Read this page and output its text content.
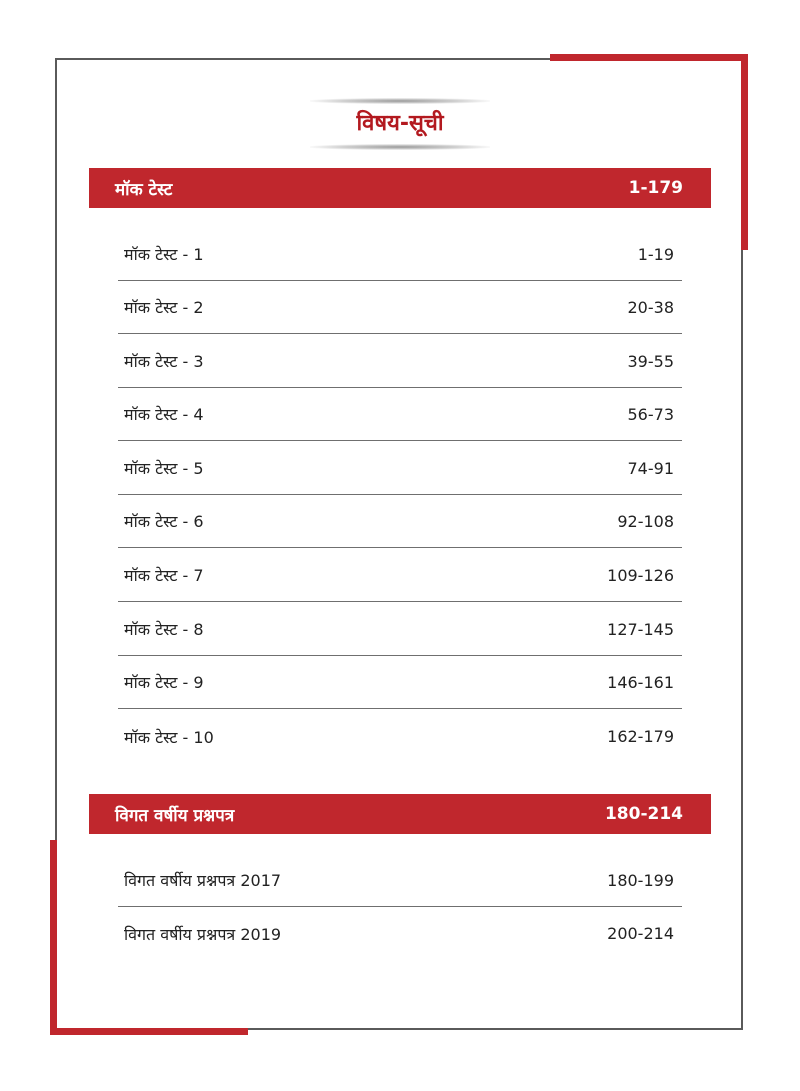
विषय-सूची
मॉक टेस्ट	1-179
मॉक टेस्ट - 1	1-19
मॉक टेस्ट - 2	20-38
मॉक टेस्ट - 3	39-55
मॉक टेस्ट - 4	56-73
मॉक टेस्ट - 5	74-91
मॉक टेस्ट - 6	92-108
मॉक टेस्ट - 7	109-126
मॉक टेस्ट - 8	127-145
मॉक टेस्ट - 9	146-161
मॉक टेस्ट - 10	162-179
विगत वर्षीय प्रश्नपत्र	180-214
विगत वर्षीय प्रश्नपत्र 2017	180-199
विगत वर्षीय प्रश्नपत्र 2019	200-214
